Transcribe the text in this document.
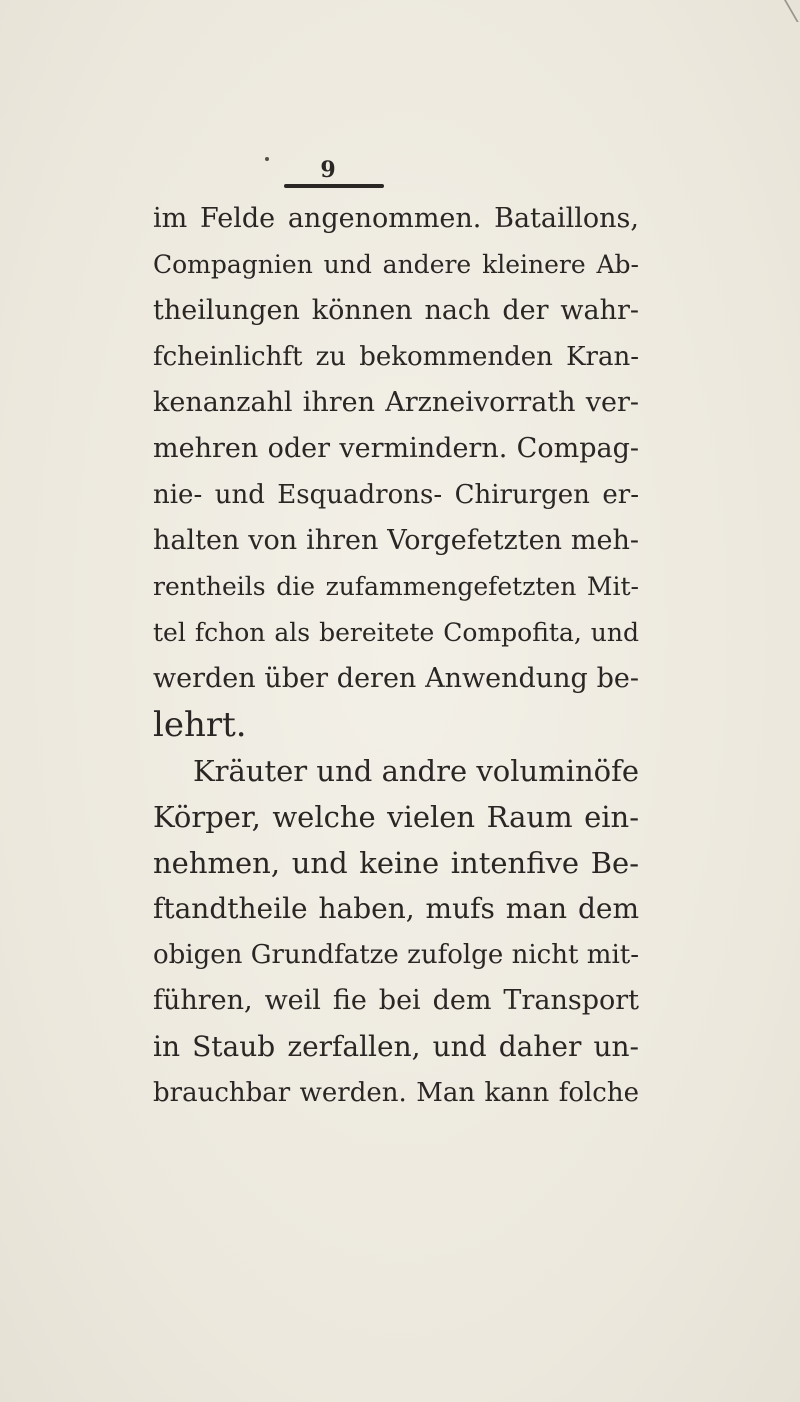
9
im Felde angenommen. Bataillons,
Compagnien und andere kleinere Ab-
theilungen können nach der wahr-
fcheinlichft zu bekommenden Kran-
kenanzahl ihren Arzneivorrath ver-
mehren oder vermindern. Compag-
nie- und Esquadrons- Chirurgen er-
halten von ihren Vorgefetzten meh-
rentheils die zufammengefetzten Mit-
tel fchon als bereitete Compofita, und
werden über deren Anwendung be-
lehrt.
Kräuter und andre voluminöfe
Körper, welche vielen Raum ein-
nehmen, und keine intenfive Be-
ftandtheile haben, mufs man dem
obigen Grundfatze zufolge nicht mit-
führen, weil fie bei dem Transport
in Staub zerfallen, und daher un-
brauchbar werden. Man kann folche
